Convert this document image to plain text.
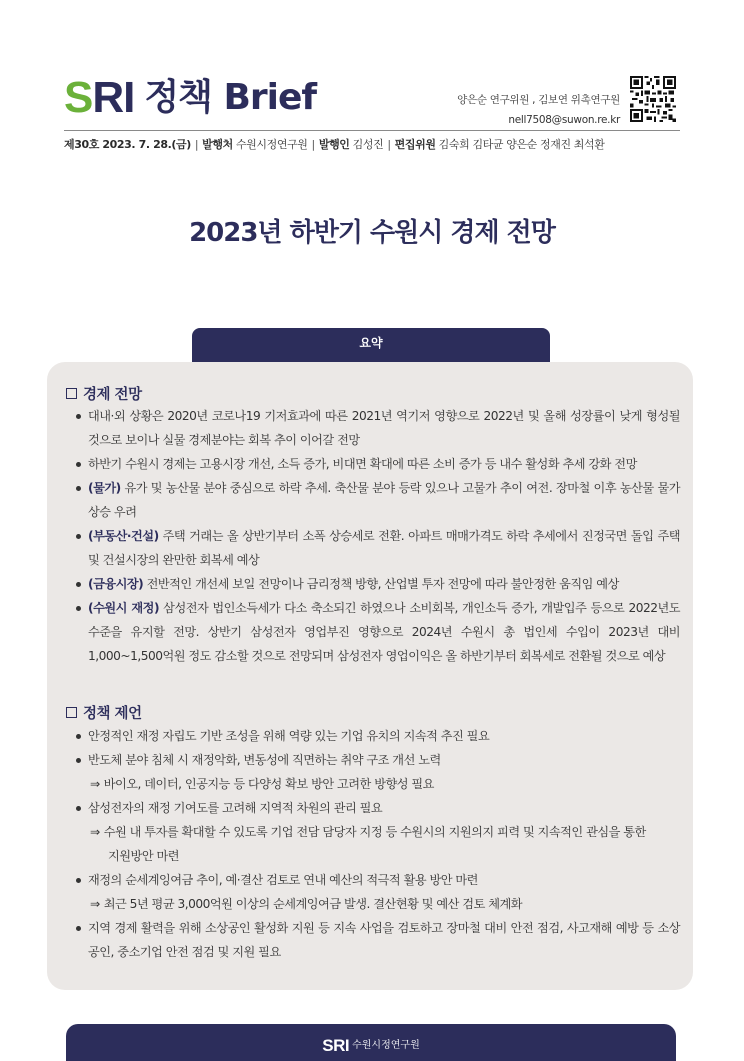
SRI 정책 Brief	양은순 연구위원 , 김보연 위촉연구원
nell7508@suwon.re.kr
제30호 2023. 7. 28.(금) | 발행처 수원시정연구원 | 발행인 김성진 | 편집위원 김숙희 김타균 양은순 정재진 최석환
2023년 하반기 수원시 경제 전망
요약
경제 전망
대내·외 상황은 2020년 코로나19 기저효과에 따른 2021년 역기저 영향으로 2022년 및 올해 성장률이 낮게 형성될 것으로 보이나 실물 경제분야는 회복 추이 이어갈 전망
하반기 수원시 경제는 고용시장 개선, 소득 증가, 비대면 확대에 따른 소비 증가 등 내수 활성화 추세 강화 전망
(물가) 유가 및 농산물 분야 중심으로 하락 추세. 축산물 분야 등락 있으나 고물가 추이 여전. 장마철 이후 농산물 물가 상승 우려
(부동산·건설) 주택 거래는 올 상반기부터 소폭 상승세로 전환. 아파트 매매가격도 하락 추세에서 진정국면 돌입 주택 및 건설시장의 완만한 회복세 예상
(금융시장) 전반적인 개선세 보일 전망이나 금리정책 방향, 산업별 투자 전망에 따라 불안정한 움직임 예상
(수원시 재정) 삼성전자 법인소득세가 다소 축소되긴 하였으나 소비회복, 개인소득 증가, 개발입주 등으로 2022년도 수준을 유지할 전망. 상반기 삼성전자 영업부진 영향으로 2024년 수원시 총 법인세 수입이 2023년 대비 1,000~1,500억원 정도 감소할 것으로 전망되며 삼성전자 영업이익은 올 하반기부터 회복세로 전환될 것으로 예상
정책 제언
안정적인 재정 자립도 기반 조성을 위해 역량 있는 기업 유치의 지속적 추진 필요
반도체 분야 침체 시 재정악화, 변동성에 직면하는 취약 구조 개선 노력
⇒ 바이오, 데이터, 인공지능 등 다양성 확보 방안 고려한 방향성 필요
삼성전자의 재정 기여도를 고려해 지역적 차원의 관리 필요
⇒ 수원 내 투자를 확대할 수 있도록 기업 전담 담당자 지정 등 수원시의 지원의지 피력 및 지속적인 관심을 통한
지원방안 마련
재정의 순세계잉여금 추이, 예·결산 검토로 연내 예산의 적극적 활용 방안 마련
⇒ 최근 5년 평균 3,000억원 이상의 순세계잉여금 발생. 결산현황 및 예산 검토 체계화
지역 경제 활력을 위해 소상공인 활성화 지원 등 지속 사업을 검토하고 장마철 대비 안전 점검, 사고재해 예방 등 소상공인, 중소기업 안전 점검 및 지원 필요
SRI 수원시정연구원
